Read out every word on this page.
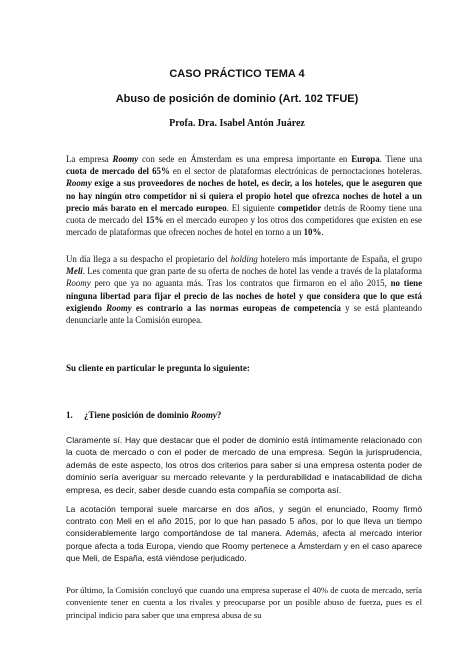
CASO PRÁCTICO TEMA 4

Abuso de posición de dominio (Art. 102 TFUE)

Profa. Dra. Isabel Antón Juárez

La empresa Roomy con sede en Ámsterdam es una empresa importante en Europa. Tiene una cuota de mercado del 65% en el sector de plataformas electrónicas de pernoctaciones hoteleras. Roomy exige a sus proveedores de noches de hotel, es decir, a los hoteles, que le aseguren que no hay ningún otro competidor ni si quiera el propio hotel que ofrezca noches de hotel a un precio más barato en el mercado europeo. El siguiente competidor detrás de Roomy tiene una cuota de mercado del 15% en el mercado europeo y los otros dos competidores que existen en ese mercado de plataformas que ofrecen noches de hotel en torno a un 10%.

Un día llega a su despacho el propietario del holding hotelero más importante de España, el grupo Meli. Les comenta que gran parte de su oferta de noches de hotel las vende a través de la plataforma Roomy pero que ya no aguanta más. Tras los contratos que firmaron en el año 2015, no tiene ninguna libertad para fijar el precio de las noches de hotel y que considera que lo que está exigiendo Roomy es contrario a las normas europeas de competencia y se está planteando denunciarle ante la Comisión europea.

Su cliente en particular le pregunta lo siguiente:

1. ¿Tiene posición de dominio Roomy?

Claramente sí. Hay que destacar que el poder de dominio está íntimamente relacionado con la cuota de mercado o con el poder de mercado de una empresa. Según la jurisprudencia, además de este aspecto, los otros dos criterios para saber si una empresa ostenta poder de dominio sería averiguar su mercado relevante y la perdurabilidad e inatacabilidad de dicha empresa, es decir, saber desde cuando esta compañía se comporta así.

La acotación temporal suele marcarse en dos años, y según el enunciado, Roomy firmó contrato con Meli en el año 2015, por lo que han pasado 5 años, por lo que lleva un tiempo considerablemente largo comportándose de tal manera. Además, afecta al mercado interior porque afecta a toda Europa, viendo que Roomy pertenece a Ámsterdam y en el caso aparece que Meli, de España, está viéndose perjudicado.

Por último, la Comisión concluyó que cuando una empresa superase el 40% de cuota de mercado, sería conveniente tener en cuenta a los rivales y preocuparse por un posible abuso de fuerza, pues es el principal indicio para saber que una empresa abusa de su
